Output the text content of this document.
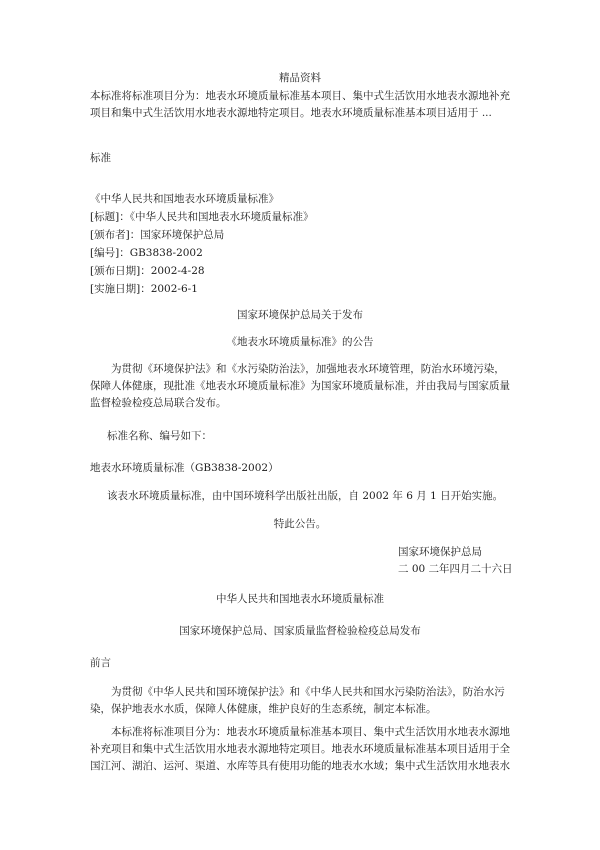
精品资料
本标准将标准项目分为：地表水环境质量标准基本项目、集中式生活饮用水地表水源地补充项目和集中式生活饮用水地表水源地特定项目。地表水环境质量标准基本项目适用于 ...
标准
《中华人民共和国地表水环境质量标准》
[标题]：《中华人民共和国地表水环境质量标准》
[颁布者]：国家环境保护总局
[编号]：GB3838-2002
[颁布日期]：2002-4-28
[实施日期]：2002-6-1
国家环境保护总局关于发布
《地表水环境质量标准》的公告
为贯彻《环境保护法》和《水污染防治法》，加强地表水环境管理，防治水环境污染，保障人体健康，现批准《地表水环境质量标准》为国家环境质量标准，并由我局与国家质量监督检验检疫总局联合发布。
标准名称、编号如下：
地表水环境质量标准（GB3838-2002）
该表水环境质量标准，由中国环境科学出版社出版，自 2002 年 6 月 1 日开始实施。
特此公告。
国家环境保护总局
二 00 二年四月二十六日
中华人民共和国地表水环境质量标准
国家环境保护总局、国家质量监督检验检疫总局发布
前言
为贯彻《中华人民共和国环境保护法》和《中华人民共和国水污染防治法》，防治水污染，保护地表水水质，保障人体健康，维护良好的生态系统，制定本标准。
本标准将标准项目分为：地表水环境质量标准基本项目、集中式生活饮用水地表水源地补充项目和集中式生活饮用水地表水源地特定项目。地表水环境质量标准基本项目适用于全国江河、湖泊、运河、渠道、水库等具有使用功能的地表水水域；集中式生活饮用水地表水
